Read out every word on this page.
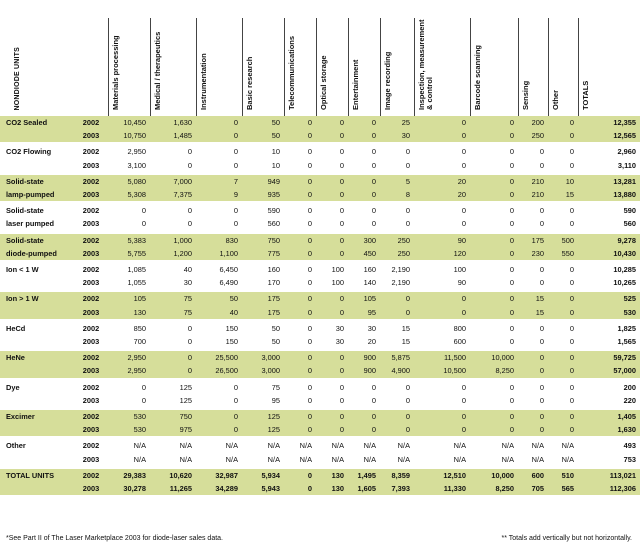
NONDIODE UNITS	Materials processing	Medical / therapeutics	Instrumentation	Basic research	Telecommunications	Optical storage	Entertainment	Image recording	Inspection, measurement & control	Barcode scanning	Sensing	Other	TOTALS
CO2 Sealed	2002	10,450	1,630	0	50	0	0	0	25	0	0	200	0	12,355
	2003	10,750	1,485	0	50	0	0	0	30	0	0	250	0	12,565

CO2 Flowing	2002	2,950	0	0	10	0	0	0	0	0	0	0	0	2,960
	2003	3,100	0	0	10	0	0	0	0	0	0	0	0	3,110

Solid-state	2002	5,080	7,000	7	949	0	0	0	5	20	0	210	10	13,281
lamp-pumped	2003	5,308	7,375	9	935	0	0	0	8	20	0	210	15	13,880

Solid-state	2002	0	0	0	590	0	0	0	0	0	0	0	0	590
laser pumped	2003	0	0	0	560	0	0	0	0	0	0	0	0	560

Solid-state	2002	5,383	1,000	830	750	0	0	300	250	90	0	175	500	9,278
diode-pumped	2003	5,755	1,200	1,100	775	0	0	450	250	120	0	230	550	10,430

Ion < 1 W	2002	1,085	40	6,450	160	0	100	160	2,190	100	0	0	0	10,285
	2003	1,055	30	6,490	170	0	100	140	2,190	90	0	0	0	10,265

Ion > 1 W	2002	105	75	50	175	0	0	105	0	0	0	15	0	525
	2003	130	75	40	175	0	0	95	0	0	0	15	0	530

HeCd	2002	850	0	150	50	0	30	30	15	800	0	0	0	1,825
	2003	700	0	150	50	0	30	20	15	600	0	0	0	1,565

HeNe	2002	2,950	0	25,500	3,000	0	0	900	5,875	11,500	10,000	0	0	59,725
	2003	2,950	0	26,500	3,000	0	0	900	4,900	10,500	8,250	0	0	57,000

Dye	2002	0	125	0	75	0	0	0	0	0	0	0	0	200
	2003	0	125	0	95	0	0	0	0	0	0	0	0	220

Excimer	2002	530	750	0	125	0	0	0	0	0	0	0	0	1,405
	2003	530	975	0	125	0	0	0	0	0	0	0	0	1,630

Other	2002	N/A	N/A	N/A	N/A	N/A	N/A	N/A	N/A	N/A	N/A	N/A	N/A	493
	2003	N/A	N/A	N/A	N/A	N/A	N/A	N/A	N/A	N/A	N/A	N/A	N/A	753

TOTAL UNITS	2002	29,383	10,620	32,987	5,934	0	130	1,495	8,359	12,510	10,000	600	510	113,021
	2003	30,278	11,265	34,289	5,943	0	130	1,605	7,393	11,330	8,250	705	565	112,306
*See Part II of The Laser Marketplace 2003 for diode-laser sales data.	** Totals add vertically but not horizontally.
